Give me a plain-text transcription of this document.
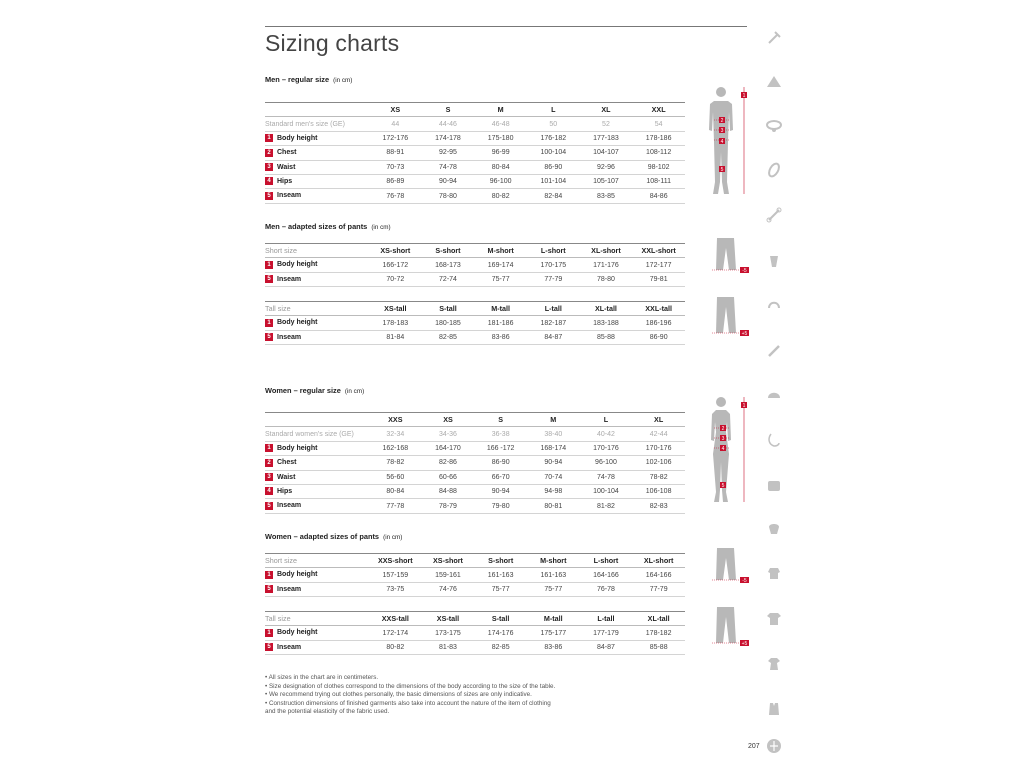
Sizing charts
Men – regular size (in cm)
	XS	S	M	L	XL	XXL
Standard men's size (GE)	44	44-46	46-48	50	52	54
1 Body height	172-176	174-178	175-180	176-182	177-183	178-186
2 Chest	88-91	92-95	96-99	100-104	104-107	108-112
3 Waist	70-73	74-78	80-84	86-90	92-96	98-102
4 Hips	86-89	90-94	96-100	101-104	105-107	108-111
5 Inseam	76-78	78-80	80-82	82-84	83-85	84-86
Men – adapted sizes of pants (in cm)
Short size	XS-short	S-short	M-short	L-short	XL-short	XXL-short
1 Body height	166-172	168-173	169-174	170-175	171-176	172-177
5 Inseam	70-72	72-74	75-77	77-79	78-80	79-81
Tall size	XS-tall	S-tall	M-tall	L-tall	XL-tall	XXL-tall
1 Body height	178-183	180-185	181-186	182-187	183-188	186-196
5 Inseam	81-84	82-85	83-86	84-87	85-88	86-90
Women – regular size (in cm)
	XXS	XS	S	M	L	XL
Standard women's size (GE)	32-34	34-36	36-38	38-40	40-42	42-44
1 Body height	162-168	164-170	166 -172	168-174	170-176	170-176
2 Chest	78-82	82-86	86-90	90-94	96-100	102-106
3 Waist	56-60	60-66	66-70	70-74	74-78	78-82
4 Hips	80-84	84-88	90-94	94-98	100-104	106-108
5 Inseam	77-78	78-79	79-80	80-81	81-82	82-83
Women – adapted sizes of pants (in cm)
Short size	XXS-short	XS-short	S-short	M-short	L-short	XL-short
1 Body height	157-159	159-161	161-163	161-163	164-166	164-166
5 Inseam	73-75	74-76	75-77	75-77	76-78	77-79
Tall size	XXS-tall	XS-tall	S-tall	M-tall	L-tall	XL-tall
1 Body height	172-174	173-175	174-176	175-177	177-179	178-182
5 Inseam	80-82	81-83	82-85	83-86	84-87	85-88
• All sizes in the chart are in centimeters.
• Size designation of clothes correspond to the dimensions of the body according to the size of the table.
• We recommend trying out clothes personally, the basic dimensions of sizes are only indicative.
• Construction dimensions of finished garments also take into account the nature of the item of clothing
and the potential elasticity of the fabric used.
207
1
2
3
4
5
-5
+5
1
2
3
4
5
-5
+5
